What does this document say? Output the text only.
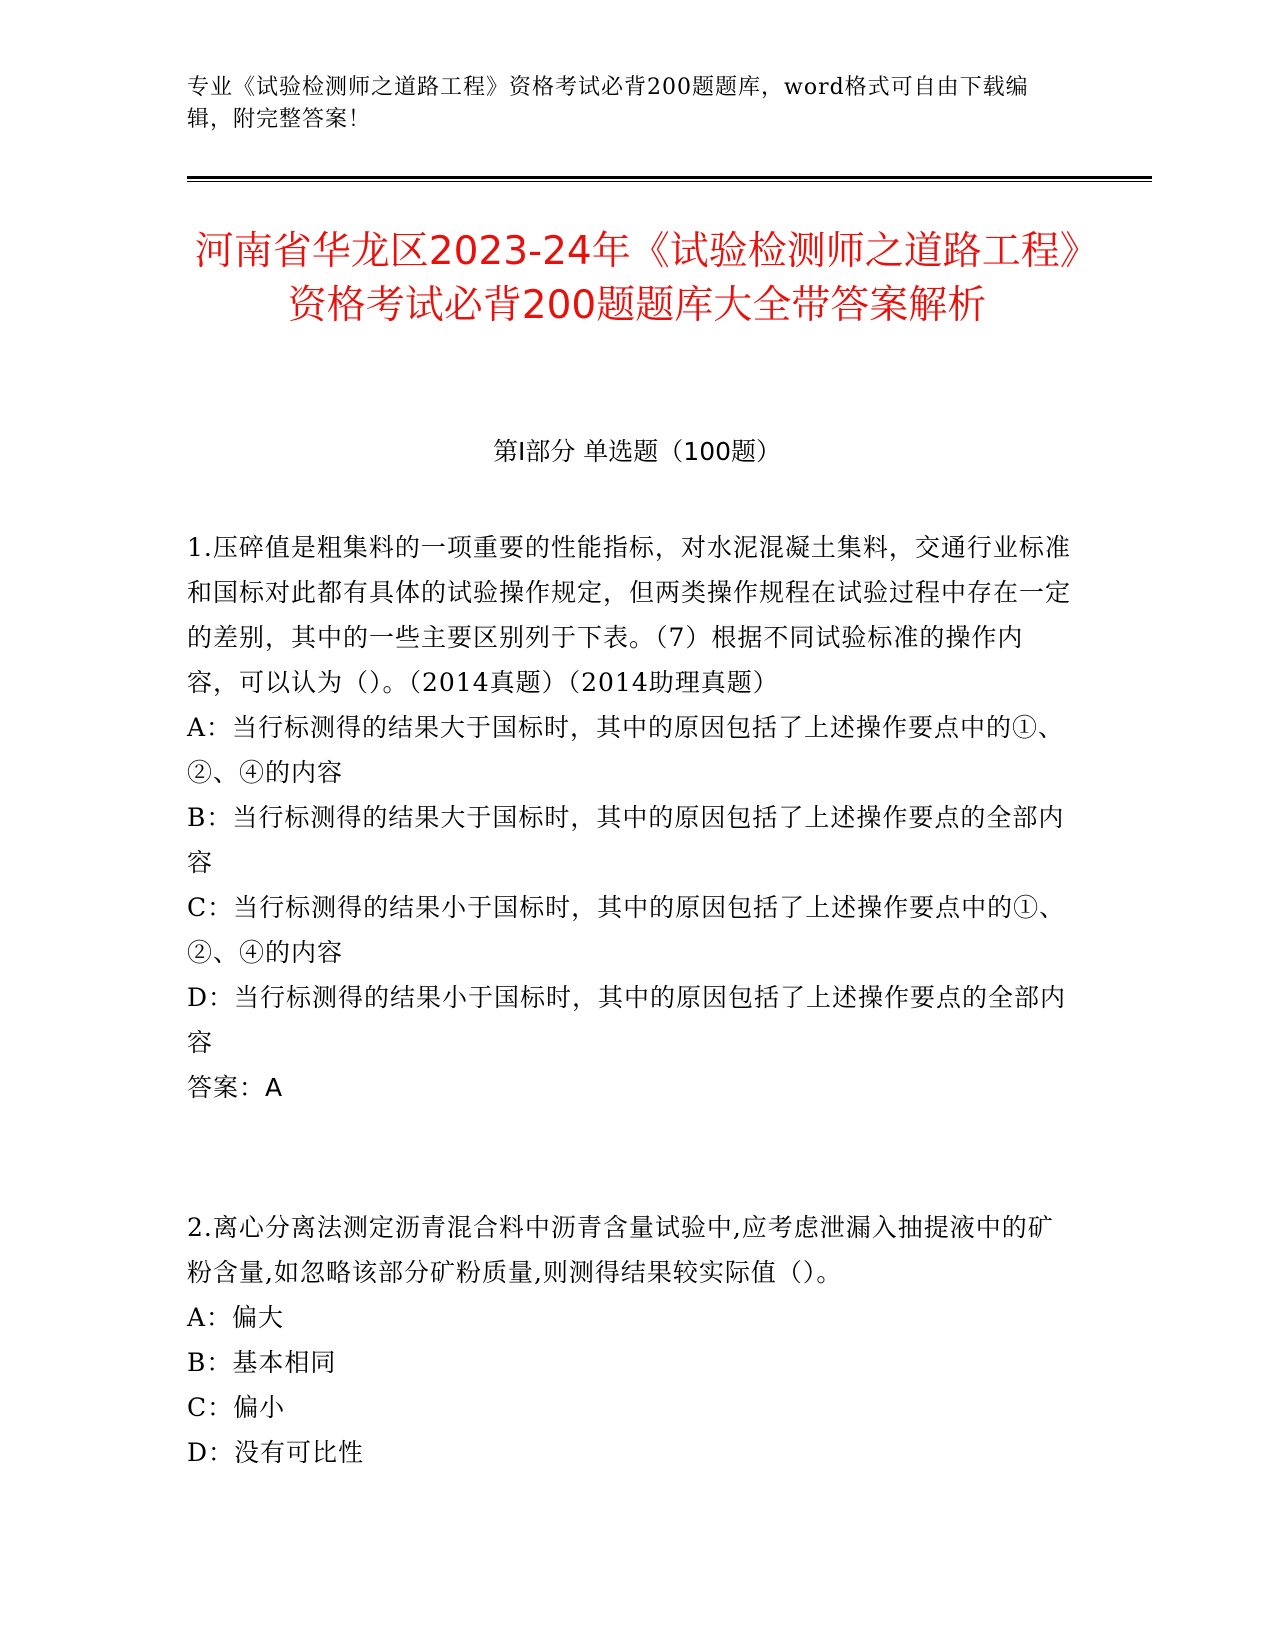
专业《试验检测师之道路工程》资格考试必背200题题库，word格式可自由下载编辑，附完整答案！
河南省华龙区2023-24年《试验检测师之道路工程》资格考试必背200题题库大全带答案解析
第I部分 单选题（100题）

1.压碎值是粗集料的一项重要的性能指标，对水泥混凝土集料，交通行业标准和国标对此都有具体的试验操作规定，但两类操作规程在试验过程中存在一定的差别，其中的一些主要区别列于下表。（7）根据不同试验标准的操作内容，可以认为（）。（2014真题）（2014助理真题）

A：当行标测得的结果大于国标时，其中的原因包括了上述操作要点中的①、②、④的内容

B：当行标测得的结果大于国标时，其中的原因包括了上述操作要点的全部内容

C：当行标测得的结果小于国标时，其中的原因包括了上述操作要点中的①、②、④的内容

D：当行标测得的结果小于国标时，其中的原因包括了上述操作要点的全部内容

答案：A

2.离心分离法测定沥青混合料中沥青含量试验中,应考虑泄漏入抽提液中的矿粉含量,如忽略该部分矿粉质量,则测得结果较实际值（）。

A：偏大

B：基本相同

C：偏小

D：没有可比性
